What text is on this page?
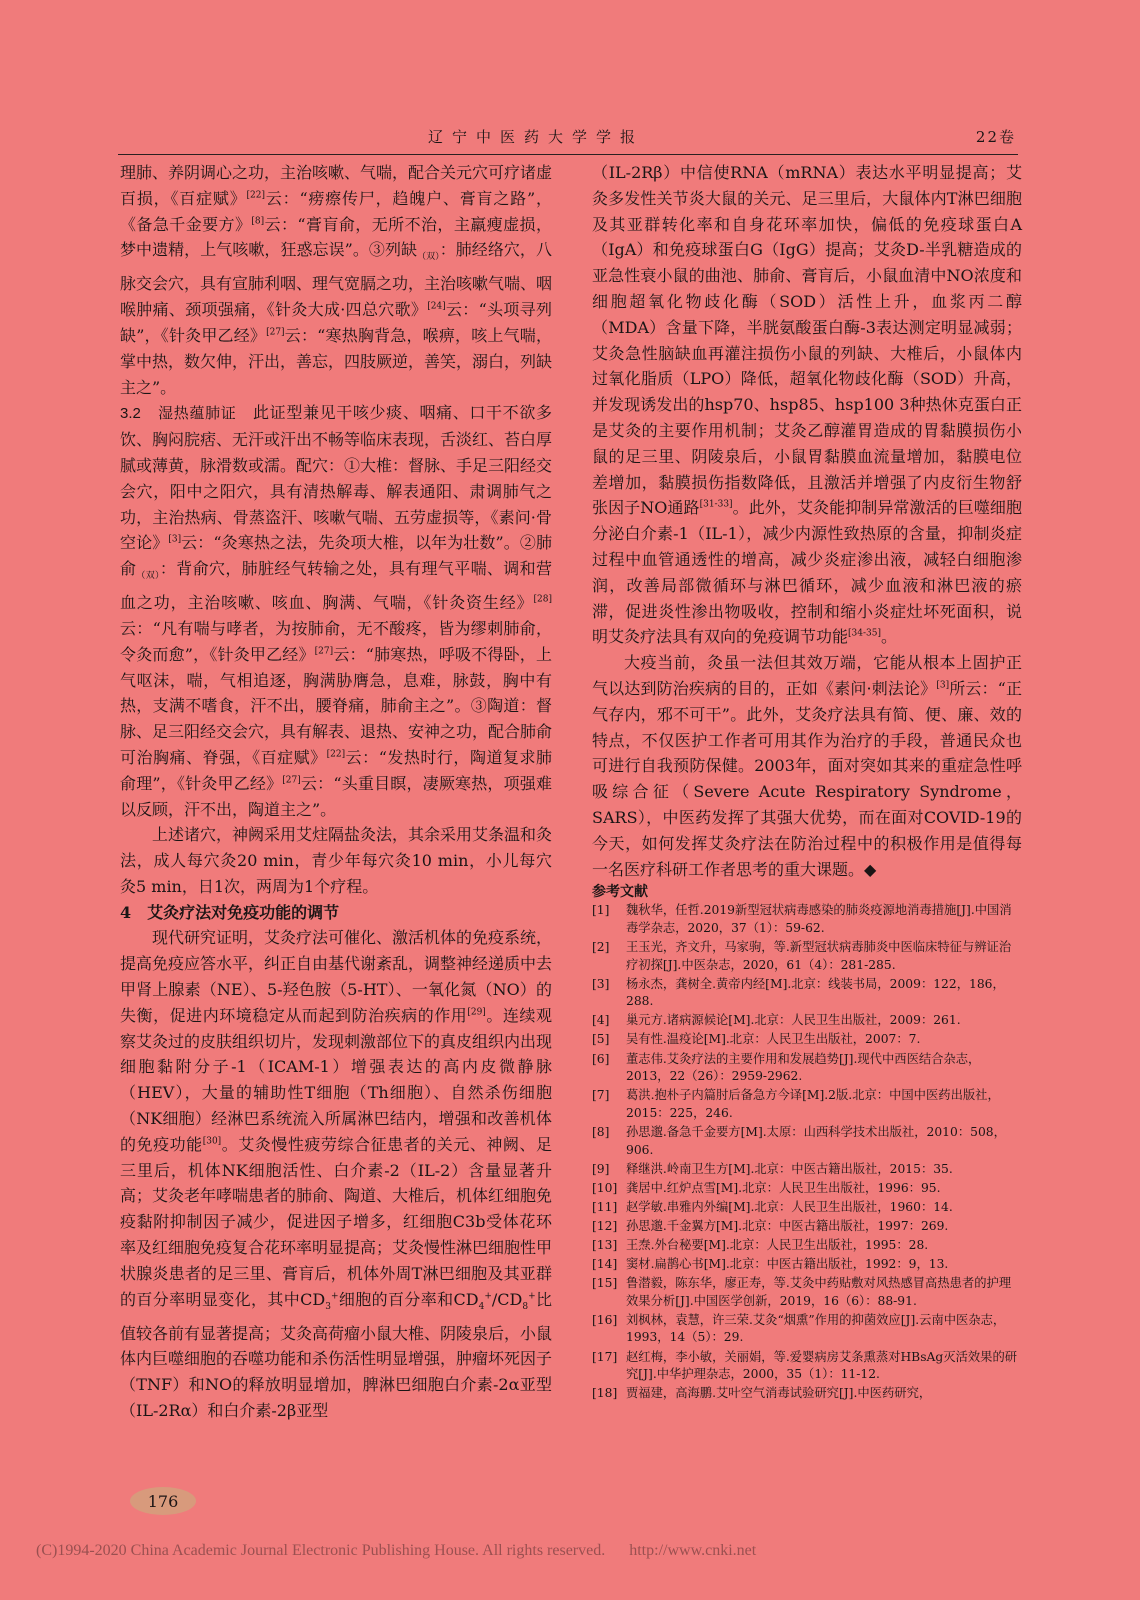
辽宁中医药大学学报	22卷

理肺、养阴调心之功，主治咳嗽、气喘，配合关元穴可疗诸虚百损，《百症赋》[22]云：“痨瘵传尸，趋魄户、膏肓之路”，《备急千金要方》[8]云：“膏肓俞，无所不治，主羸瘦虚损，梦中遗精，上气咳嗽，狂惑忘误”。③列缺$_{(双)}$：肺经络穴，八脉交会穴，具有宣肺利咽、理气宽膈之功，主治咳嗽气喘、咽喉肿痛、颈项强痛，《针灸大成·四总穴歌》[24]云：“头项寻列缺”，《针灸甲乙经》[27]云：“寒热胸背急，喉痹，咳上气喘，掌中热，数欠伸，汗出，善忘，四肢厥逆，善笑，溺白，列缺主之”。

3.2　 湿热蕴肺证　 此证型兼见干咳少痰、咽痛、口干不欲多饮、胸闷脘痞、无汗或汗出不畅等临床表现，舌淡红、苔白厚腻或薄黄，脉滑数或濡。配穴：①大椎：督脉、手足三阳经交会穴，阳中之阳穴，具有清热解毒、解表通阳、肃调肺气之功，主治热病、骨蒸盗汗、咳嗽气喘、五劳虚损等，《素问·骨空论》[3]云：“灸寒热之法，先灸项大椎，以年为壮数”。②肺俞$_{(双)}$：背俞穴，肺脏经气转输之处，具有理气平喘、调和营血之功，主治咳嗽、咳血、胸满、气喘，《针灸资生经》[28]云：“凡有喘与哮者，为按肺俞，无不酸疼，皆为缪刺肺俞，令灸而愈”，《针灸甲乙经》[27]云：“肺寒热，呼吸不得卧，上气呕沫，喘，气相追逐，胸满胁膺急，息难，脉鼓，胸中有热，支满不嗜食，汗不出，腰脊痛，肺俞主之”。③陶道：督脉、足三阳经交会穴，具有解表、退热、安神之功，配合肺俞可治胸痛、脊强，《百症赋》[22]云：“发热时行，陶道复求肺俞理”，《针灸甲乙经》[27]云：“头重目瞑，凄厥寒热，项强难以反顾，汗不出，陶道主之”。

上述诸穴，神阙采用艾炷隔盐灸法，其余采用艾条温和灸法，成人每穴灸20 min，青少年每穴灸10 min，小儿每穴灸5 min，日1次，两周为1个疗程。

4　艾灸疗法对免疫功能的调节

现代研究证明，艾灸疗法可催化、激活机体的免疫系统，提高免疫应答水平，纠正自由基代谢紊乱，调整神经递质中去甲肾上腺素（NE）、5-羟色胺（5-HT）、一氧化氮（NO）的失衡，促进内环境稳定从而起到防治疾病的作用[29]。连续观察艾灸过的皮肤组织切片，发现刺激部位下的真皮组织内出现细胞黏附分子-1（ICAM-1）增强表达的高内皮微静脉（HEV），大量的辅助性T细胞（Th细胞）、自然杀伤细胞（NK细胞）经淋巴系统流入所属淋巴结内，增强和改善机体的免疫功能[30]。艾灸慢性疲劳综合征患者的关元、神阙、足三里后，机体NK细胞活性、白介素-2（IL-2）含量显著升高；艾灸老年哮喘患者的肺俞、陶道、大椎后，机体红细胞免疫黏附抑制因子减少，促进因子增多，红细胞C3b受体花环率及红细胞免疫复合花环率明显提高；艾灸慢性淋巴细胞性甲状腺炎患者的足三里、膏肓后，机体外周T淋巴细胞及其亚群的百分率明显变化，其中$CD_3^+$细胞的百分率和$CD_4^+/CD_8^+$比值较各前有显著提高；艾灸高荷瘤小鼠大椎、阴陵泉后，小鼠体内巨噬细胞的吞噬功能和杀伤活性明显增强，肿瘤坏死因子（TNF）和NO的释放明显增加，脾淋巴细胞白介素-2α亚型（IL-2Rα）和白介素-2β亚型

（IL-2Rβ）中信使RNA（mRNA）表达水平明显提高；艾灸多发性关节炎大鼠的关元、足三里后，大鼠体内T淋巴细胞及其亚群转化率和自身花环率加快，偏低的免疫球蛋白A（IgA）和免疫球蛋白G（IgG）提高；艾灸D-半乳糖造成的亚急性衰小鼠的曲池、肺俞、膏肓后，小鼠血清中NO浓度和细胞超氧化物歧化酶（SOD）活性上升，血浆丙二醇（MDA）含量下降，半胱氨酸蛋白酶-3表达测定明显减弱；艾灸急性脑缺血再灌注损伤小鼠的列缺、大椎后，小鼠体内过氧化脂质（LPO）降低，超氧化物歧化酶（SOD）升高，并发现诱发出的hsp70、hsp85、hsp100 3种热休克蛋白正是艾灸的主要作用机制；艾灸乙醇灌胃造成的胃黏膜损伤小鼠的足三里、阴陵泉后，小鼠胃黏膜血流量增加，黏膜电位差增加，黏膜损伤指数降低，且激活并增强了内皮衍生物舒张因子NO通路[31-33]。此外，艾灸能抑制异常激活的巨噬细胞分泌白介素-1（IL-1），减少内源性致热原的含量，抑制炎症过程中血管通透性的增高，减少炎症渗出液，减轻白细胞渗润，改善局部微循环与淋巴循环，减少血液和淋巴液的瘀滞，促进炎性渗出物吸收，控制和缩小炎症灶坏死面积，说明艾灸疗法具有双向的免疫调节功能[34-35]。

大疫当前，灸虽一法但其效万端，它能从根本上固护正气以达到防治疾病的目的，正如《素问·刺法论》[3]所云：“正气存内，邪不可干”。此外，艾灸疗法具有简、便、廉、效的特点，不仅医护工作者可用其作为治疗的手段，普通民众也可进行自我预防保健。2003年，面对突如其来的重症急性呼吸综合征（Severe Acute Respiratory Syndrome，SARS），中医药发挥了其强大优势，而在面对COVID-19的今天，如何发挥艾灸疗法在防治过程中的积极作用是值得每一名医疗科研工作者思考的重大课题。◆

参考文献

[1]	魏秋华，任哲.2019新型冠状病毒感染的肺炎疫源地消毒措施[J].中国消毒学杂志，2020，37（1）：59-62.
[2]	王玉光，齐文升，马家驹，等.新型冠状病毒肺炎中医临床特征与辨证治疗初探[J].中医杂志，2020，61（4）：281-285.
[3]	杨永杰，龚树全.黄帝内经[M].北京：线装书局，2009：122，186，288.
[4]	巢元方.诸病源候论[M].北京：人民卫生出版社，2009：261.
[5]	吴有性.温疫论[M].北京：人民卫生出版社，2007：7.
[6]	董志伟.艾灸疗法的主要作用和发展趋势[J].现代中西医结合杂志，2013，22（26）：2959-2962.
[7]	葛洪.抱朴子内篇肘后备急方今译[M].2版.北京：中国中医药出版社，2015：225，246.
[8]	孙思邈.备急千金要方[M].太原：山西科学技术出版社，2010：508，906.
[9]	释继洪.岭南卫生方[M].北京：中医古籍出版社，2015：35.
[10] 龚居中.红炉点雪[M].北京：人民卫生出版社，1996：95.
[11] 赵学敏.串雅内外编[M].北京：人民卫生出版社，1960：14.
[12] 孙思邈.千金翼方[M].北京：中医古籍出版社，1997：269.
[13] 王焘.外台秘要[M].北京：人民卫生出版社，1995：28.
[14] 窦材.扁鹊心书[M].北京：中医古籍出版社，1992：9，13.
[15] 鲁潜毅，陈东华，廖正寿，等.艾灸中药贴敷对风热感冒高热患者的护理效果分析[J].中国医学创新，2019，16（6）：88-91.
[16] 刘枫林，袁慧，许三荣.艾灸“烟熏”作用的抑菌效应[J].云南中医杂志，1993，14（5）：29.
[17] 赵红梅，李小敏，关丽娟，等.爱婴病房艾条熏蒸对HBsAg灭活效果的研究[J].中华护理杂志，2000，35（1）：11-12.
[18] 贾福建，高海鹏.艾叶空气消毒试验研究[J].中医药研究，
176
(C)1994-2020 China Academic Journal Electronic Publishing House. All rights reserved. http://www.cnki.net
